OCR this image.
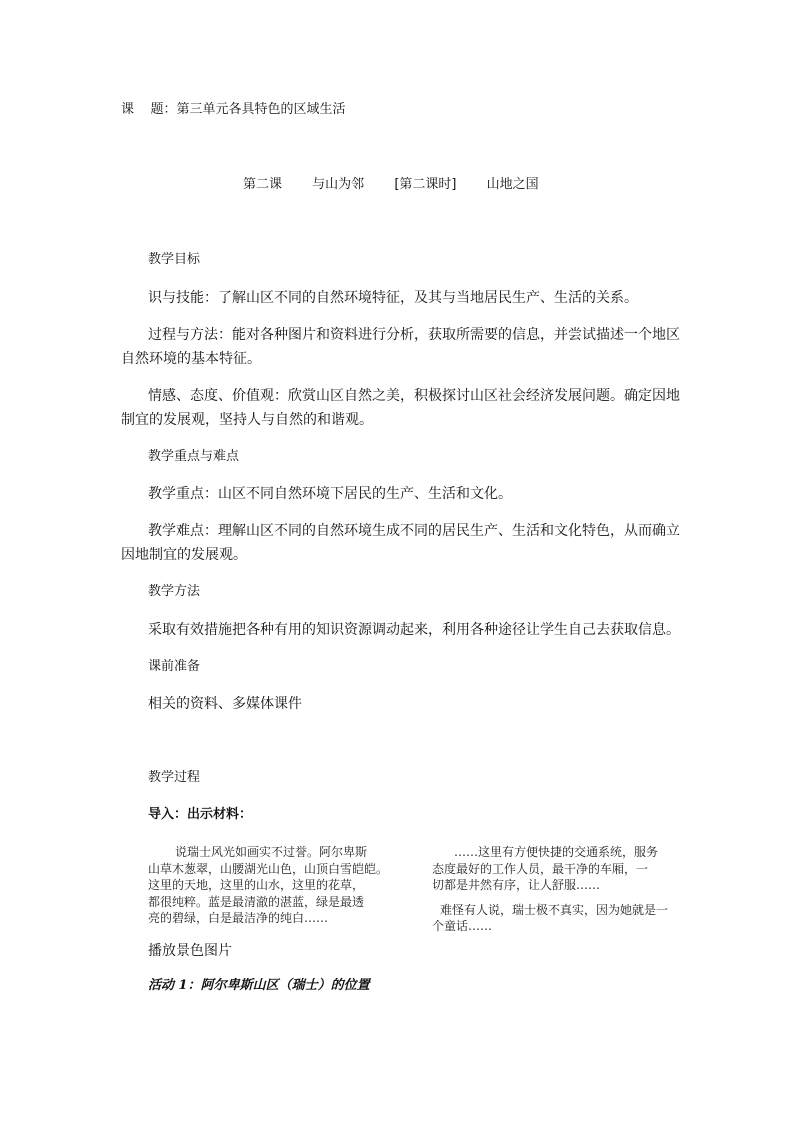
课    题：第三单元各具特色的区域生活
第二课 与山为邻 [第二课时] 山地之国
教学目标
识与技能：了解山区不同的自然环境特征，及其与当地居民生产、生活的关系。
过程与方法：能对各种图片和资料进行分析，获取所需要的信息，并尝试描述一个地区
自然环境的基本特征。
情感、态度、价值观：欣赏山区自然之美，积极探讨山区社会经济发展问题。确定因地
制宜的发展观，坚持人与自然的和谐观。
教学重点与难点
教学重点：山区不同自然环境下居民的生产、生活和文化。
教学难点：理解山区不同的自然环境生成不同的居民生产、生活和文化特色，从而确立
因地制宜的发展观。
教学方法
采取有效措施把各种有用的知识资源调动起来，利用各种途径让学生自己去获取信息。
课前准备
相关的资料、多媒体课件
教学过程
导入：出示材料：
说瑞士风光如画实不过誉。阿尔卑斯
山草木葱翠，山腰湖光山色，山顶白雪皑皑。
这里的天地，这里的山水，这里的花草，
都很纯粹。蓝是最清澈的湛蓝，绿是最透
亮的碧绿，白是最洁净的纯白……
……这里有方便快捷的交通系统，服务
态度最好的工作人员，最干净的车厢，一
切都是井然有序，让人舒服……
难怪有人说，瑞士极不真实，因为她就是一
个童话……
播放景色图片
活动 1：阿尔卑斯山区（瑞士）的位置
